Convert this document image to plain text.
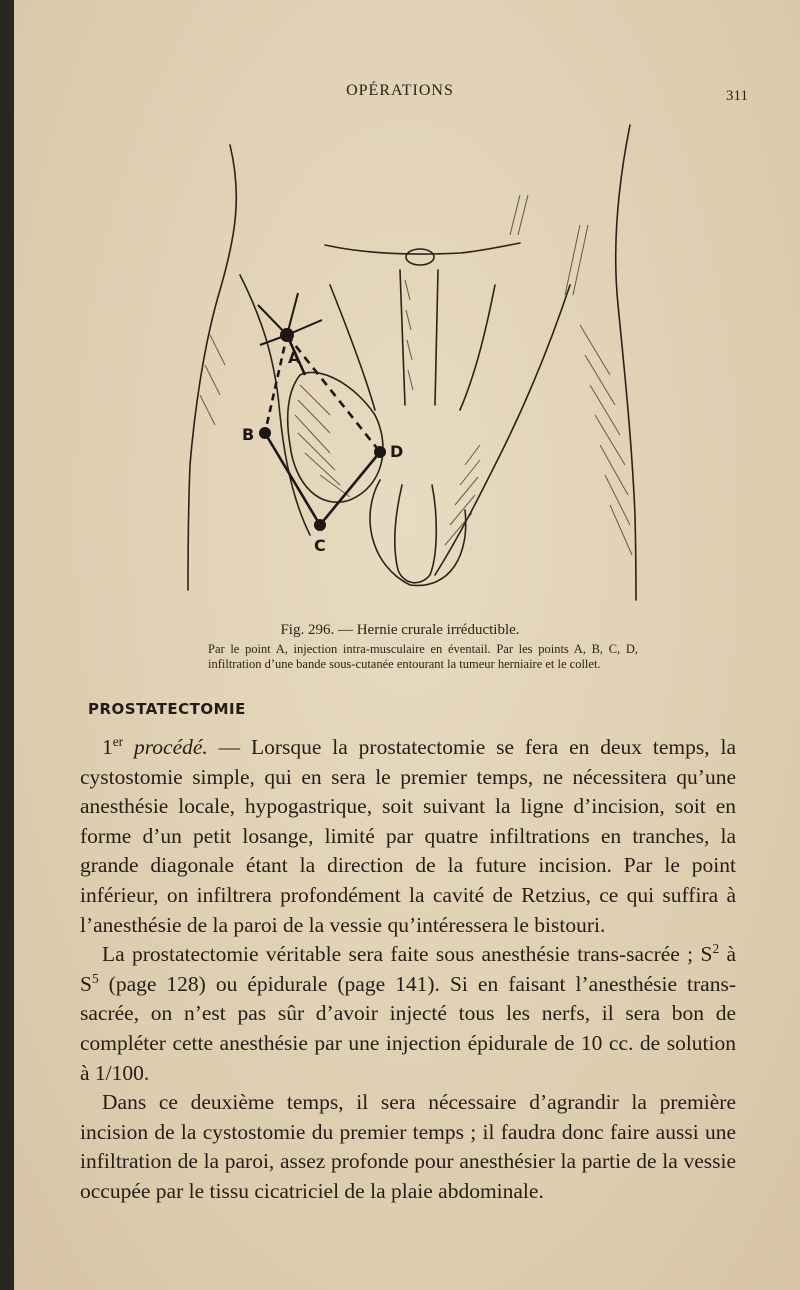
OPÉRATIONS	311
A
B
C
D
Fig. 296. — Hernie crurale irréductible.
Par le point A, injection intra-musculaire en éventail. Par les points A, B, C, D, infiltration d’une bande sous-cutanée entourant la tumeur herniaire et le collet.
PROSTATECTOMIE

1er procédé. — Lorsque la prostatectomie se fera en deux temps, la cystostomie simple, qui en sera le premier temps, ne nécessitera qu’une anesthésie locale, hypogastrique, soit suivant la ligne d’incision, soit en forme d’un petit losange, limité par quatre infiltrations en tranches, la grande diagonale étant la direction de la future incision. Par le point inférieur, on infiltrera profondément la cavité de Retzius, ce qui suffira à l’anesthésie de la paroi de la vessie qu’intéressera le bistouri.

La prostatectomie véritable sera faite sous anesthésie trans-sacrée ; $S^2$ à $S^5$ (page 128) ou épidurale (page 141). Si en faisant l’anesthésie trans-sacrée, on n’est pas sûr d’avoir injecté tous les nerfs, il sera bon de compléter cette anesthésie par une injection épidurale de 10 cc. de solution à 1/100.

Dans ce deuxième temps, il sera nécessaire d’agrandir la première incision de la cystostomie du premier temps ; il faudra donc faire aussi une infiltration de la paroi, assez profonde pour anesthésier la partie de la vessie occupée par le tissu cicatriciel de la plaie abdominale.
